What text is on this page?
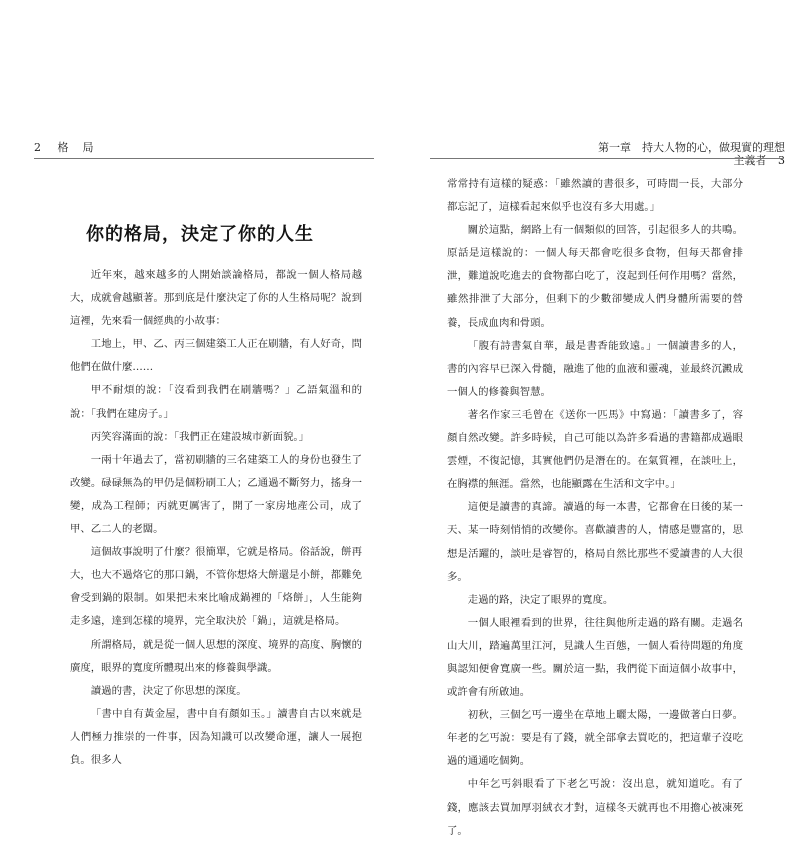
2 格局
你的格局，決定了你的人生

近年來，越來越多的人開始談論格局，都說一個人格局越大，成就會越顯著。那到底是什麼決定了你的人生格局呢？說到這裡，先來看一個經典的小故事：

工地上，甲、乙、丙三個建築工人正在刷牆，有人好奇，問他們在做什麼……

甲不耐煩的說：「沒看到我們在刷牆嗎？」乙語氣溫和的說：「我們在建房子。」

丙笑容滿面的說：「我們正在建設城市新面貌。」

一兩十年過去了，當初刷牆的三名建築工人的身份也發生了改變。碌碌無為的甲仍是個粉刷工人；乙通過不斷努力，搖身一變，成為工程師；丙就更厲害了，開了一家房地產公司，成了甲、乙二人的老闆。

這個故事說明了什麼？很簡單，它就是格局。俗話說，餅再大，也大不過烙它的那口鍋，不管你想烙大餅還是小餅，都難免會受到鍋的限制。如果把未來比喻成鍋裡的「烙餅」，人生能夠走多遠，達到怎樣的境界，完全取決於「鍋」，這就是格局。

所謂格局，就是從一個人思想的深度、境界的高度、胸懷的廣度，眼界的寬度所體現出來的修養與學識。

讀過的書，決定了你思想的深度。

「書中自有黃金屋，書中自有顏如玉。」讀書自古以來就是人們極力推崇的一件事，因為知識可以改變命運，讓人一展抱負。很多人

第一章　持大人物的心，做現實的理想主義者 3

常常持有這樣的疑惑：「雖然讀的書很多，可時間一長，大部分都忘記了，這樣看起來似乎也沒有多大用處。」

關於這點，網路上有一個類似的回答，引起很多人的共鳴。原話是這樣說的：一個人每天都會吃很多食物，但每天都會排泄，難道說吃進去的食物都白吃了，沒起到任何作用嗎？當然，雖然排泄了大部分，但剩下的少數卻變成人們身體所需要的營養，長成血肉和骨頭。

「腹有詩書氣自華，最是書香能致遠。」一個讀書多的人，書的內容早已深入骨髓，融進了他的血液和靈魂，並最終沉澱成一個人的修養與智慧。

著名作家三毛曾在《送你一匹馬》中寫過：「讀書多了，容顏自然改變。許多時候，自己可能以為許多看過的書籍都成過眼雲煙，不復記憶，其實他們仍是潛在的。在氣質裡，在談吐上，在胸襟的無涯。當然，也能顯露在生活和文字中。」

這便是讀書的真諦。讀過的每一本書，它都會在日後的某一天、某一時刻悄悄的改變你。喜歡讀書的人，情感是豐富的，思想是活躍的，談吐是睿智的，格局自然比那些不愛讀書的人大很多。

走過的路，決定了眼界的寬度。

一個人眼裡看到的世界，往往與他所走過的路有關。走過名山大川，踏遍萬里江河，見識人生百態，一個人看待問題的角度與認知便會寬廣一些。關於這一點，我們從下面這個小故事中，或許會有所啟迪。

初秋，三個乞丐一邊坐在草地上曬太陽，一邊做著白日夢。年老的乞丐說：要是有了錢，就全部拿去買吃的，把這輩子沒吃過的通通吃個夠。

中年乞丐斜眼看了下老乞丐說：沒出息，就知道吃。有了錢，應該去買加厚羽絨衣才對，這樣冬天就再也不用擔心被凍死了。
